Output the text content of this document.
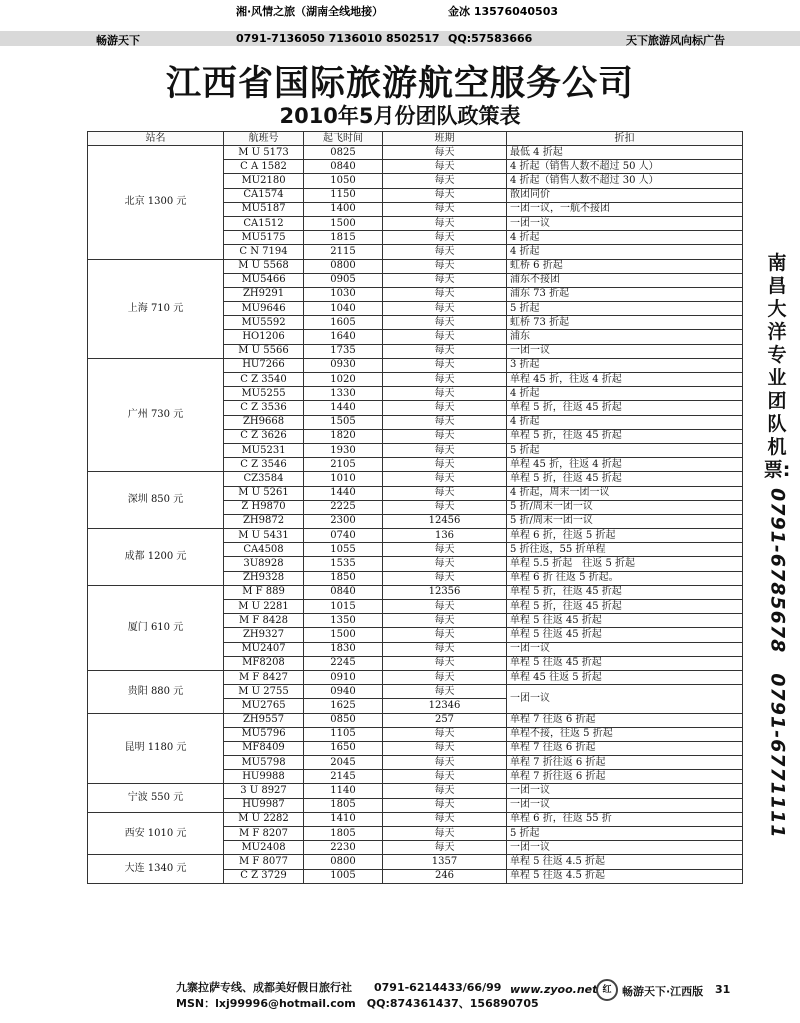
湘·风情之旅（湖南全线地接）	金冰 13576040503
畅游天下	0791-7136050 7136010 8502517 QQ:57583666	天下旅游风向标广告
江西省国际旅游航空服务公司
2010年5月份团队政策表
站名	航班号	起飞时间	班期	折扣
北京 1300 元	M U 5173	0825	每天	最低 4 折起
	C A 1582	0840	每天	4 折起（销售人数不超过 50 人）
	MU2180	1050	每天	4 折起（销售人数不超过 30 人）
	CA1574	1150	每天	散团同价
	MU5187	1400	每天	一团一议，一航不接团
	CA1512	1500	每天	一团一议
	MU5175	1815	每天	4 折起
	C N 7194	2115	每天	4 折起
上海 710 元	M U 5568	0800	每天	虹桥 6 折起
	MU5466	0905	每天	浦东不接团
	ZH9291	1030	每天	浦东 73 折起
	MU9646	1040	每天	5 折起
	MU5592	1605	每天	虹桥 73 折起
	HO1206	1640	每天	浦东
	M U 5566	1735	每天	一团一议
广州 730 元	HU7266	0930	每天	3 折起
	C Z 3540	1020	每天	单程 45 折，往返 4 折起
	MU5255	1330	每天	4 折起
	C Z 3536	1440	每天	单程 5 折，往返 45 折起
	ZH9668	1505	每天	4 折起
	C Z 3626	1820	每天	单程 5 折，往返 45 折起
	MU5231	1930	每天	5 折起
	C Z 3546	2105	每天	单程 45 折，往返 4 折起
深圳 850 元	CZ3584	1010	每天	单程 5 折，往返 45 折起
	M U 5261	1440	每天	4 折起，周末一团一议
	Z H9870	2225	每天	5 折/周末一团一议
	ZH9872	2300	12456	5 折/周末一团一议
成都 1200 元	M U 5431	0740	136	单程 6 折，往返 5 折起
	CA4508	1055	每天	5 折往返，55 折单程
	3U8928	1535	每天	单程 5.5 折起　往返 5 折起
	ZH9328	1850	每天	单程 6 折 往返 5 折起。
厦门 610 元	M F 889	0840	12356	单程 5 折，往返 45 折起
	M U 2281	1015	每天	单程 5 折，往返 45 折起
	M F 8428	1350	每天	单程 5 往返 45 折起
	ZH9327	1500	每天	单程 5 往返 45 折起
	MU2407	1830	每天	一团一议
	MF8208	2245	每天	单程 5 往返 45 折起
贵阳 880 元	M F 8427	0910	每天	单程 45 往返 5 折起
	M U 2755	0940	每天	一团一议
	MU2765	1625	12346	
昆明 1180 元	ZH9557	0850	257	单程 7 往返 6 折起
	MU5796	1105	每天	单程不接，往返 5 折起
	MF8409	1650	每天	单程 7 往返 6 折起
	MU5798	2045	每天	单程 7 折往返 6 折起
	HU9988	2145	每天	单程 7 折往返 6 折起
宁波 550 元	3 U 8927	1140	每天	一团一议
	HU9987	1805	每天	一团一议
西安 1010 元	M U 2282	1410	每天	单程 6 折，往返 55 折
	M F 8207	1805	每天	5 折起
	MU2408	2230	每天	一团一议
大连 1340 元	M F 8077	0800	1357	单程 5 往返 4.5 折起
	C Z 3729	1005	246	单程 5 往返 4.5 折起
南昌大洋专业团队机票:
0791-6785678　0791-6771111
九寨拉萨专线、成都美好假日旅行社　　0791-6214433/66/99
MSN：lxj99996@hotmail.com　QQ:874361437、156890705
www.zyoo.net 畅游天下·江西版 31
红
